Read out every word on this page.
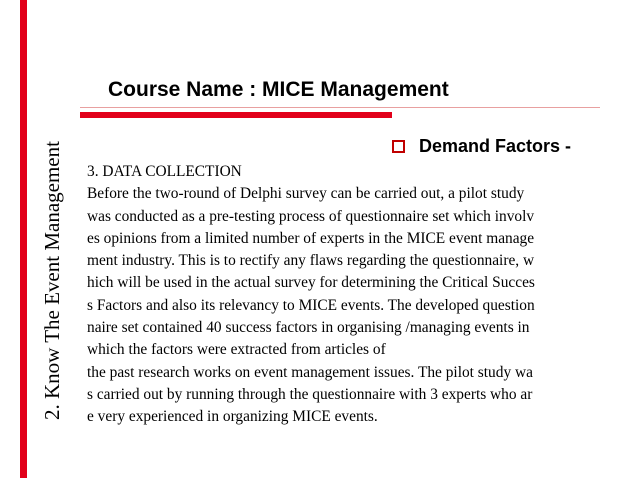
2. Know The Event Management
Course Name : MICE Management
Demand Factors -
3. DATA COLLECTION
Before the two-round of Delphi survey can be carried out, a pilot study
was conducted as a pre-testing process of questionnaire set which involv
es opinions from a limited number of experts in the MICE event manage
ment industry. This is to rectify any flaws regarding the questionnaire, w
hich will be used in the actual survey for determining the Critical Succes
s Factors and also its relevancy to MICE events. The developed question
naire set contained 40 success factors in organising /managing events in
which the factors were extracted from articles of
the past research works on event management issues. The pilot study wa
s carried out by running through the questionnaire with 3 experts who ar
e very experienced in organizing MICE events.
